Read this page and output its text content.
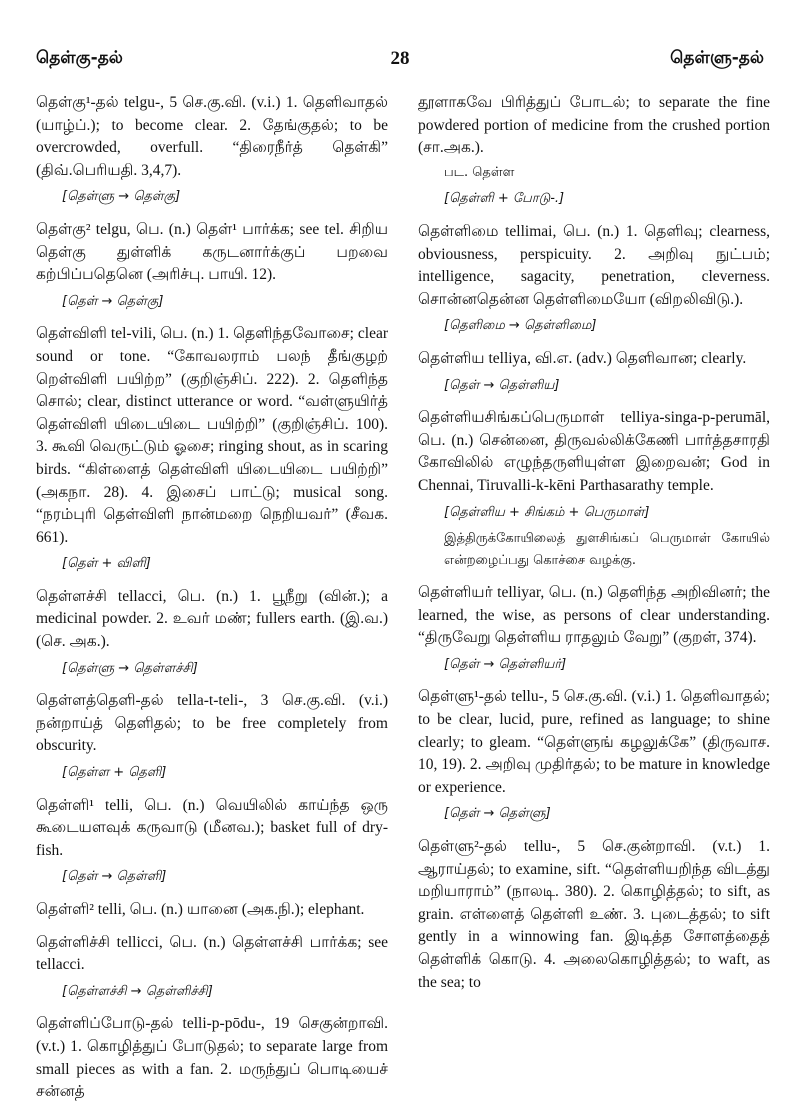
தெள்கு-தல்	28	தெள்ளு-தல்

தெள்கு¹-தல் telgu-, 5 செ.கு.வி. (v.i.) 1. தெளிவாதல் (யாழ்ப்.); to become clear. 2. தேங்குதல்; to be overcrowded, overfull. “திரைநீர்த் தெள்கி” (திவ்.பெரியதி. 3,4,7).

[தெள்ளு → தெள்கு]

தெள்கு² telgu, பெ. (n.) தெள்¹ பார்க்க; see tel. சிறிய தெள்கு துள்ளிக் கருடனார்க்குப் பறவை கற்பிப்பதெனெ (அரிச்பு. பாயி. 12).

[தெள் → தெள்கு]

தெள்விளி tel-vili, பெ. (n.) 1. தெளிந்தவோசை; clear sound or tone. “கோவலராம் பலந் தீங்குழற் றெள்விளி பயிற்ற” (குறிஞ்சிப். 222). 2. தெளிந்த சொல்; clear, distinct utterance or word. “வள்ளுயிர்த் தெள்விளி யிடையிடை பயிற்றி” (குறிஞ்சிப். 100). 3. கூவி வெருட்டும் ஓசை; ringing shout, as in scaring birds. “கிள்ளைத் தெள்விளி யிடையிடை பயிற்றி” (அகநா. 28). 4. இசைப் பாட்டு; musical song. “நரம்புரி தெள்விளி நான்மறை நெறியவர்” (சீவக. 661).

[தெள் + விளி]

தெள்ளச்சி tellacci, பெ. (n.) 1. பூநீறு (வின்.); a medicinal powder. 2. உவர் மண்; fullers earth. (இ.வ.) (செ. அக.).

[தெள்ளு → தெள்ளச்சி]

தெள்ளத்தெளி-தல் tella-t-teli-, 3 செ.கு.வி. (v.i.) நன்றாய்த் தெளிதல்; to be free completely from obscurity.

[தெள்ள + தெளி]

தெள்ளி¹ telli, பெ. (n.) வெயிலில் காய்ந்த ஒரு கூடையளவுக் கருவாடு (மீனவ.); basket full of dry-fish.

[தெள் → தெள்ளி]

தெள்ளி² telli, பெ. (n.) யானை (அக.நி.); elephant.

தெள்ளிச்சி tellicci, பெ. (n.) தெள்ளச்சி பார்க்க; see tellacci.

[தெள்ளச்சி → தெள்ளிச்சி]

தெள்ளிப்போடு-தல் telli-p-pōdu-, 19 செகுன்றாவி. (v.t.) 1. கொழித்துப் போடுதல்; to separate large from small pieces as with a fan. 2. மருந்துப் பொடியைச் சன்னத்

தூளாகவே பிரித்துப் போடல்; to separate the fine powdered portion of medicine from the crushed portion (சா.அக.).

பட. தெள்ள
[தெள்ளி + போடு-.]

தெள்ளிமை tellimai, பெ. (n.) 1. தெளிவு; clearness, obviousness, perspicuity. 2. அறிவு நுட்பம்; intelligence, sagacity, penetration, cleverness. சொன்னதென்ன தெள்ளிமையோ (விறலிவிடு.).

[தெளிமை → தெள்ளிமை]

தெள்ளிய telliya, வி.எ. (adv.) தெளிவான; clearly.

[தெள் → தெள்ளிய]

தெள்ளியசிங்கப்பெருமாள் telliya-singa-p-perumāl, பெ. (n.) சென்னை, திருவல்லிக்கேணி பார்த்தசாரதி கோவிலில் எழுந்தருளியுள்ள இறைவன்; God in Chennai, Tiruvalli-k-kēni Parthasarathy temple.

[தெள்ளிய + சிங்கம் + பெருமாள்]
இத்திருக்கோயிலைத் துளசிங்கப் பெருமாள் கோயில் என்றழைப்பது கொச்சை வழக்கு.

தெள்ளியர் telliyar, பெ. (n.) தெளிந்த அறிவினர்; the learned, the wise, as persons of clear understanding. “திருவேறு தெள்ளிய ராதலும் வேறு” (குறள், 374).

[தெள் → தெள்ளியர்]

தெள்ளு¹-தல் tellu-, 5 செ.கு.வி. (v.i.) 1. தெளிவாதல்; to be clear, lucid, pure, refined as language; to shine clearly; to gleam. “தெள்ளுங் கழலுக்கே” (திருவாச. 10, 19). 2. அறிவு முதிர்தல்; to be mature in knowledge or experience.

[தெள் → தெள்ளு]

தெள்ளு²-தல் tellu-, 5 செ.குன்றாவி. (v.t.) 1. ஆராய்தல்; to examine, sift. “தெள்ளியறிந்த விடத்து மறியாராம்” (நாலடி. 380). 2. கொழித்தல்; to sift, as grain. எள்ளைத் தெள்ளி உண். 3. புடைத்தல்; to sift gently in a winnowing fan. இடித்த சோளத்தைத் தெள்ளிக் கொடு. 4. அலைகொழித்தல்; to waft, as the sea; to
